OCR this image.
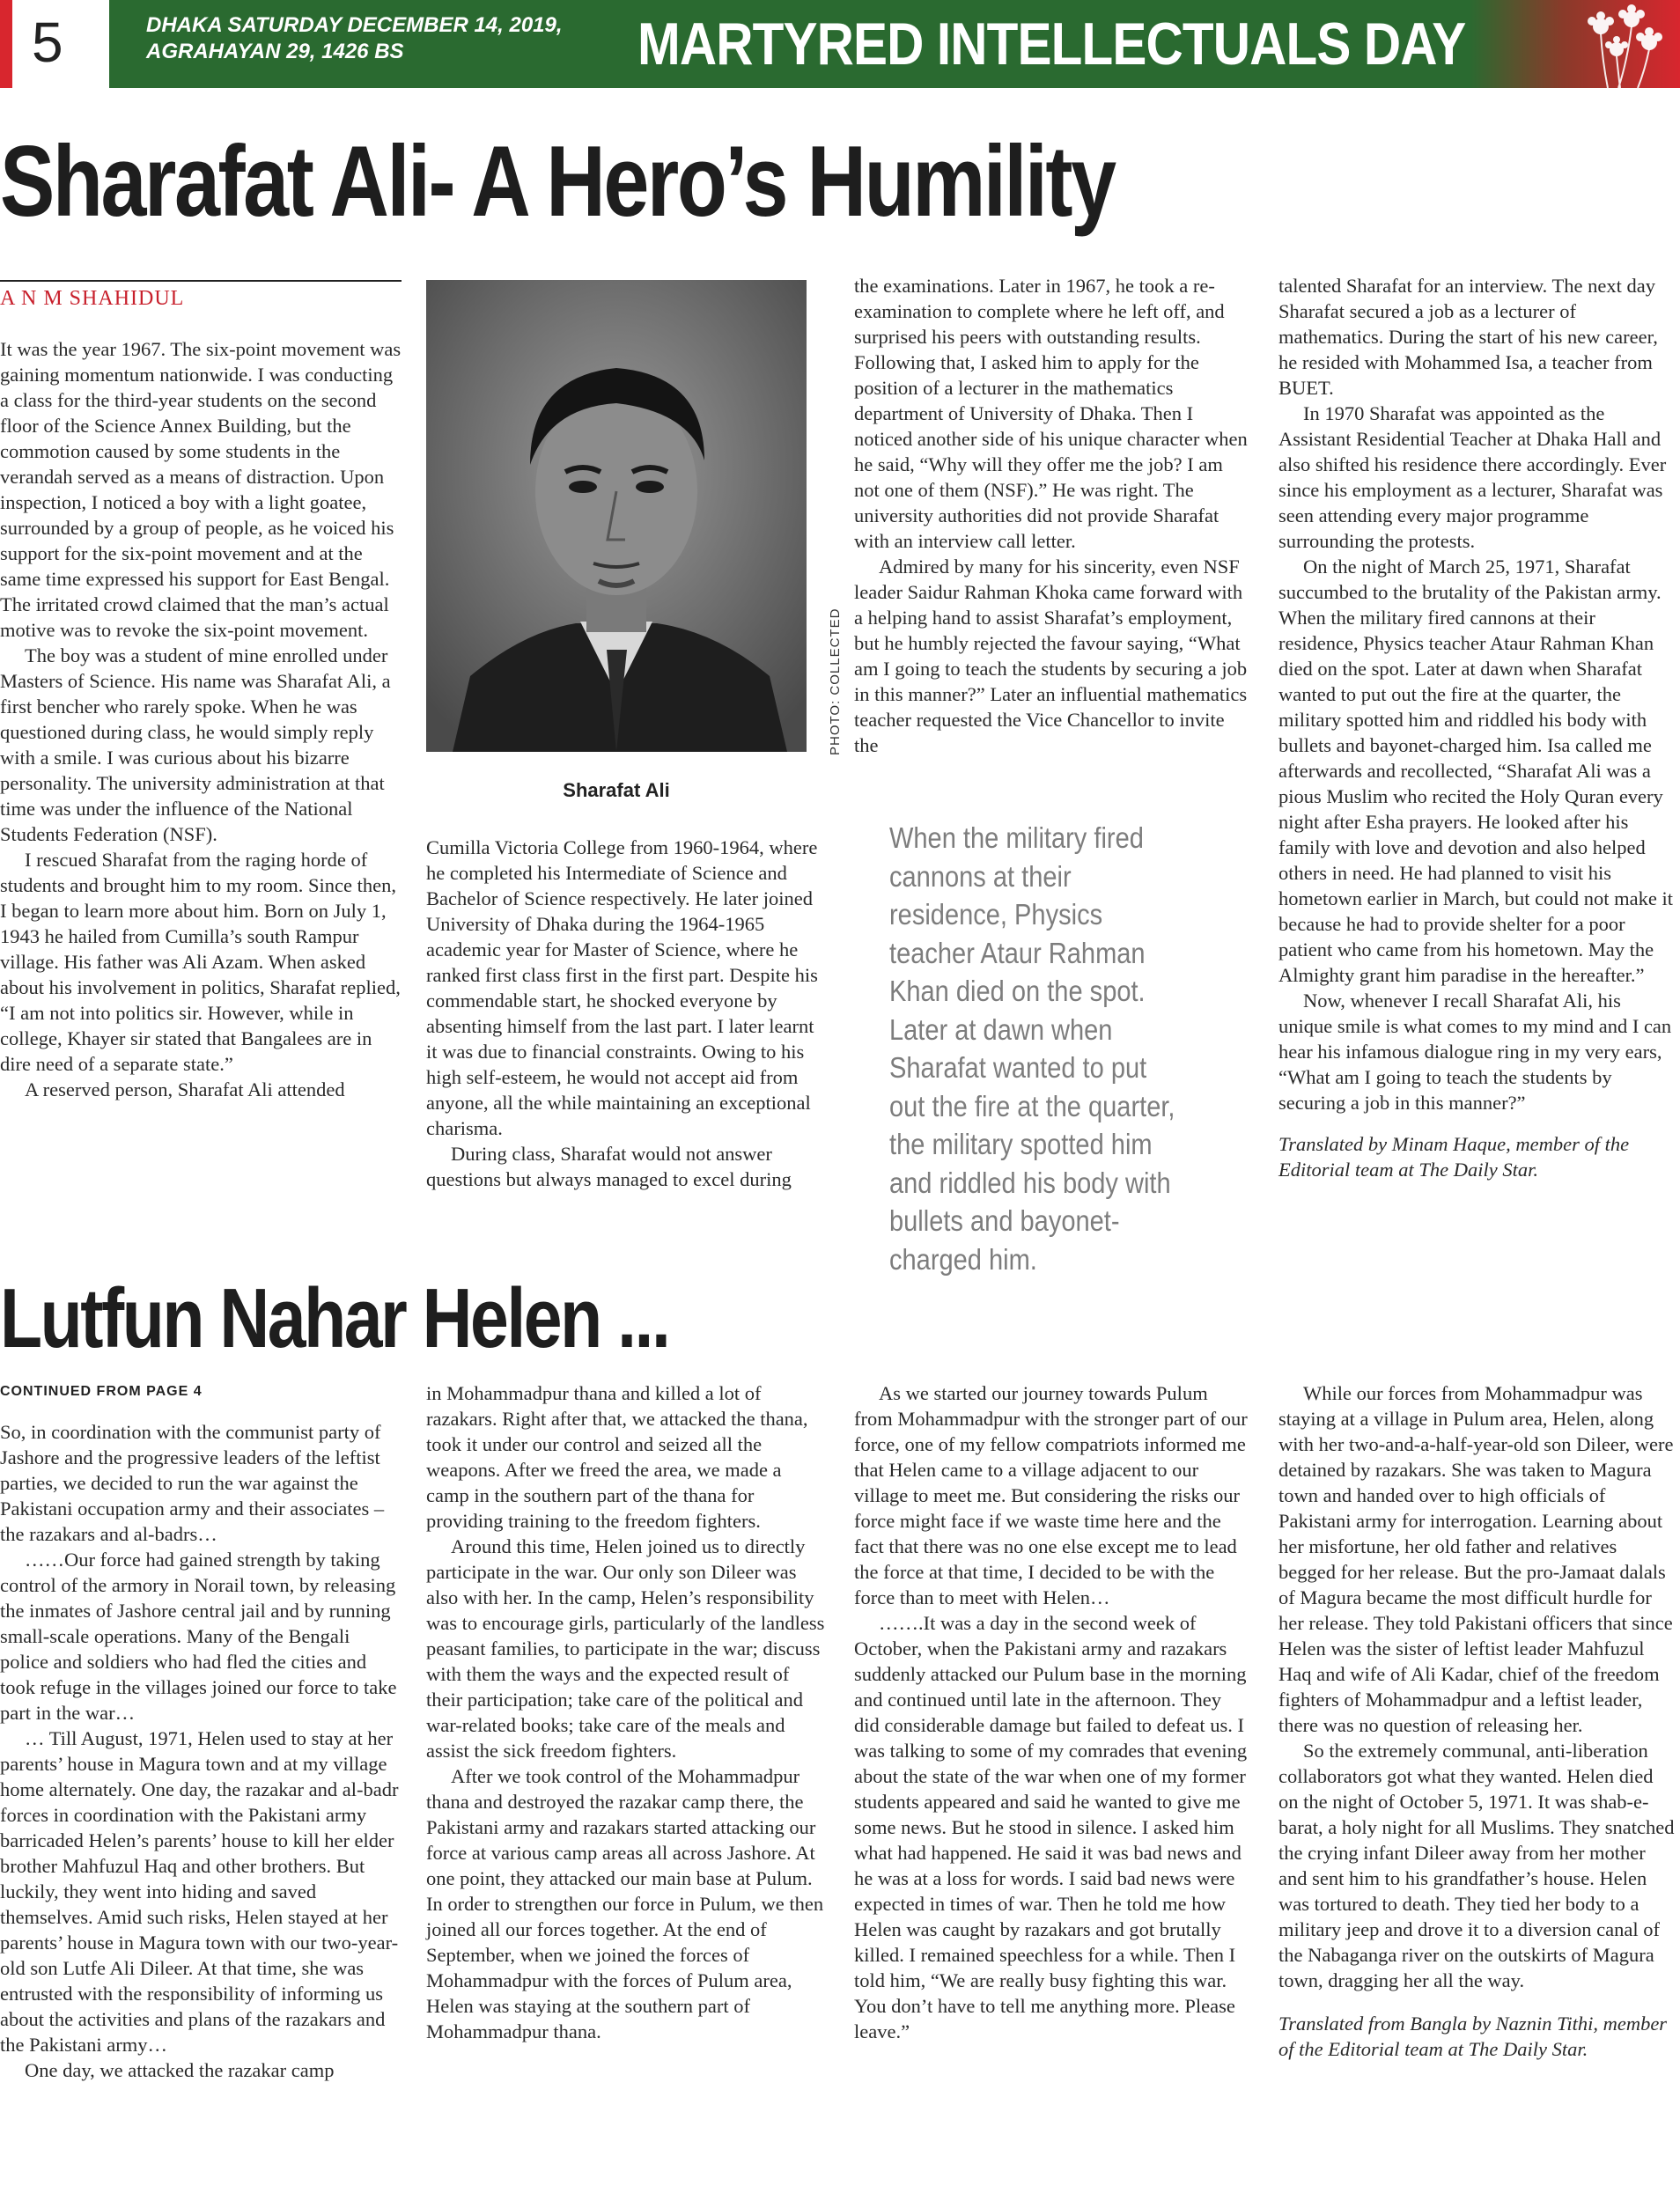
5	DHAKA SATURDAY DECEMBER 14, 2019,
AGRAHAYAN 29, 1426 BS	MARTYRED INTELLECTUALS DAY
Sharafat Ali- A Hero’s Humility
A N M SHAHIDUL

It was the year 1967. The six-point movement was gaining momentum nationwide. I was conducting a class for the third-year students on the second floor of the Science Annex Building, but the commotion caused by some students in the verandah served as a means of distraction. Upon inspection, I noticed a boy with a light goatee, surrounded by a group of people, as he voiced his support for the six-point movement and at the same time expressed his support for East Bengal. The irritated crowd claimed that the man’s actual motive was to revoke the six-point movement.

The boy was a student of mine enrolled under Masters of Science. His name was Sharafat Ali, a first bencher who rarely spoke. When he was questioned during class, he would simply reply with a smile. I was curious about his bizarre personality. The university administration at that time was under the influence of the National Students Federation (NSF).

I rescued Sharafat from the raging horde of students and brought him to my room. Since then, I began to learn more about him. Born on July 1, 1943 he hailed from Cumilla’s south Rampur village. His father was Ali Azam. When asked about his involvement in politics, Sharafat replied, “I am not into politics sir. However, while in college, Khayer sir stated that Bangalees are in dire need of a separate state.”

A reserved person, Sharafat Ali attended

PHOTO: COLLECTED
Sharafat Ali

Cumilla Victoria College from 1960-1964, where he completed his Intermediate of Science and Bachelor of Science respectively. He later joined University of Dhaka during the 1964-1965 academic year for Master of Science, where he ranked first class first in the first part. Despite his commendable start, he shocked everyone by absenting himself from the last part. I later learnt it was due to financial constraints. Owing to his high self-esteem, he would not accept aid from anyone, all the while maintaining an exceptional charisma.

During class, Sharafat would not answer questions but always managed to excel during

the examinations. Later in 1967, he took a re-examination to complete where he left off, and surprised his peers with outstanding results. Following that, I asked him to apply for the position of a lecturer in the mathematics department of University of Dhaka. Then I noticed another side of his unique character when he said, “Why will they offer me the job? I am not one of them (NSF).” He was right. The university authorities did not provide Sharafat with an interview call letter.

Admired by many for his sincerity, even NSF leader Saidur Rahman Khoka came forward with a helping hand to assist Sharafat’s employment, but he humbly rejected the favour saying, “What am I going to teach the students by securing a job in this manner?” Later an influential mathematics teacher requested the Vice Chancellor to invite the

When the military fired cannons at their residence, Physics teacher Ataur Rahman Khan died on the spot. Later at dawn when Sharafat wanted to put out the fire at the quarter, the military spotted him and riddled his body with bullets and bayonet-charged him.

talented Sharafat for an interview. The next day Sharafat secured a job as a lecturer of mathematics. During the start of his new career, he resided with Mohammed Isa, a teacher from BUET.

In 1970 Sharafat was appointed as the Assistant Residential Teacher at Dhaka Hall and also shifted his residence there accordingly. Ever since his employment as a lecturer, Sharafat was seen attending every major programme surrounding the protests.

On the night of March 25, 1971, Sharafat succumbed to the brutality of the Pakistan army. When the military fired cannons at their residence, Physics teacher Ataur Rahman Khan died on the spot. Later at dawn when Sharafat wanted to put out the fire at the quarter, the military spotted him and riddled his body with bullets and bayonet-charged him. Isa called me afterwards and recollected, “Sharafat Ali was a pious Muslim who recited the Holy Quran every night after Esha prayers. He looked after his family with love and devotion and also helped others in need. He had planned to visit his hometown earlier in March, but could not make it because he had to provide shelter for a poor patient who came from his hometown. May the Almighty grant him paradise in the hereafter.”

Now, whenever I recall Sharafat Ali, his unique smile is what comes to my mind and I can hear his infamous dialogue ring in my very ears, “What am I going to teach the students by securing a job in this manner?”

Translated by Minam Haque, member of the Editorial team at The Daily Star.

Lutfun Nahar Helen ...
CONTINUED FROM PAGE 4

So, in coordination with the communist party of Jashore and the progressive leaders of the leftist parties, we decided to run the war against the Pakistani occupation army and their associates – the razakars and al-badrs…

……Our force had gained strength by taking control of the armory in Norail town, by releasing the inmates of Jashore central jail and by running small-scale operations. Many of the Bengali police and soldiers who had fled the cities and took refuge in the villages joined our force to take part in the war…

… Till August, 1971, Helen used to stay at her parents’ house in Magura town and at my village home alternately. One day, the razakar and al-badr forces in coordination with the Pakistani army barricaded Helen’s parents’ house to kill her elder brother Mahfuzul Haq and other brothers. But luckily, they went into hiding and saved themselves. Amid such risks, Helen stayed at her parents’ house in Magura town with our two-year-old son Lutfe Ali Dileer. At that time, she was entrusted with the responsibility of informing us about the activities and plans of the razakars and the Pakistani army…

One day, we attacked the razakar camp

in Mohammadpur thana and killed a lot of razakars. Right after that, we attacked the thana, took it under our control and seized all the weapons. After we freed the area, we made a camp in the southern part of the thana for providing training to the freedom fighters.

Around this time, Helen joined us to directly participate in the war. Our only son Dileer was also with her. In the camp, Helen’s responsibility was to encourage girls, particularly of the landless peasant families, to participate in the war; discuss with them the ways and the expected result of their participation; take care of the political and war-related books; take care of the meals and assist the sick freedom fighters.

After we took control of the Mohammadpur thana and destroyed the razakar camp there, the Pakistani army and razakars started attacking our force at various camp areas all across Jashore. At one point, they attacked our main base at Pulum. In order to strengthen our force in Pulum, we then joined all our forces together. At the end of September, when we joined the forces of Mohammadpur with the forces of Pulum area, Helen was staying at the southern part of Mohammadpur thana.

As we started our journey towards Pulum from Mohammadpur with the stronger part of our force, one of my fellow compatriots informed me that Helen came to a village adjacent to our village to meet me. But considering the risks our force might face if we waste time here and the fact that there was no one else except me to lead the force at that time, I decided to be with the force than to meet with Helen…

…….It was a day in the second week of October, when the Pakistani army and razakars suddenly attacked our Pulum base in the morning and continued until late in the afternoon. They did considerable damage but failed to defeat us. I was talking to some of my comrades that evening about the state of the war when one of my former students appeared and said he wanted to give me some news. But he stood in silence. I asked him what had happened. He said it was bad news and he was at a loss for words. I said bad news were expected in times of war. Then he told me how Helen was caught by razakars and got brutally killed. I remained speechless for a while. Then I told him, “We are really busy fighting this war. You don’t have to tell me anything more. Please leave.”

While our forces from Mohammadpur was staying at a village in Pulum area, Helen, along with her two-and-a-half-year-old son Dileer, were detained by razakars. She was taken to Magura town and handed over to high officials of Pakistani army for interrogation. Learning about her misfortune, her old father and relatives begged for her release. But the pro-Jamaat dalals of Magura became the most difficult hurdle for her release. They told Pakistani officers that since Helen was the sister of leftist leader Mahfuzul Haq and wife of Ali Kadar, chief of the freedom fighters of Mohammadpur and a leftist leader, there was no question of releasing her.

So the extremely communal, anti-liberation collaborators got what they wanted. Helen died on the night of October 5, 1971. It was shab-e-barat, a holy night for all Muslims. They snatched the crying infant Dileer away from her mother and sent him to his grandfather’s house. Helen was tortured to death. They tied her body to a military jeep and drove it to a diversion canal of the Nabaganga river on the outskirts of Magura town, dragging her all the way.

Translated from Bangla by Naznin Tithi, member of the Editorial team at The Daily Star.
